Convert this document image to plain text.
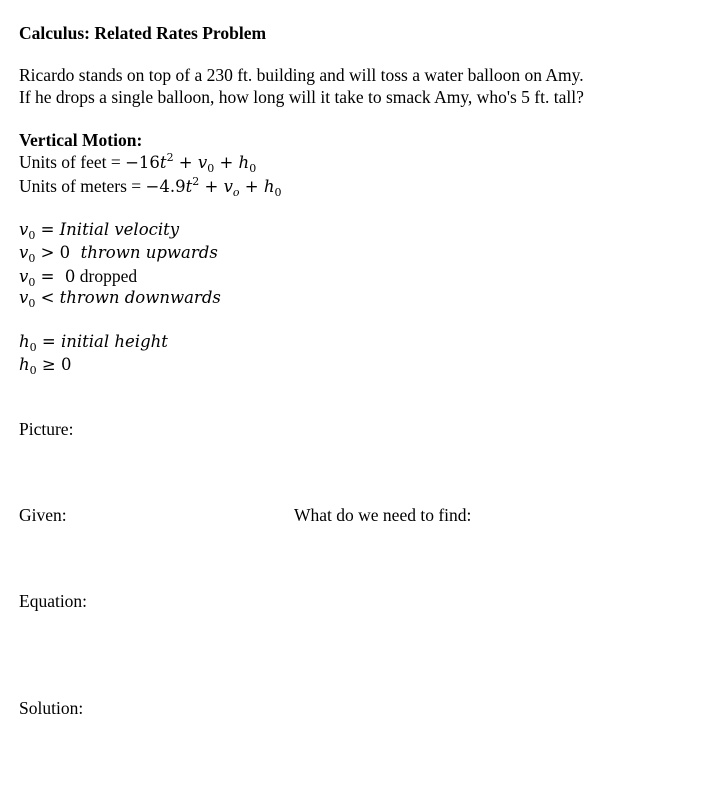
Calculus: Related Rates Problem
Ricardo stands on top of a 230 ft. building and will toss a water balloon on Amy.
If he drops a single balloon, how long will it take to smack Amy, who's 5 ft. tall?
Vertical Motion:
Units of feet = $-16t^2 + v_0 + h_0$
Units of meters = $-4.9t^2 + v_o + h_0$
$v_0$ = Initial velocity
$v_0 > 0$  thrown upwards
$v_0 = 0$ dropped
$v_0$ < thrown downwards
$h_0$ = initial height
$h_0 \ge 0$
Picture:
Given:	What do we need to find:
Equation:
Solution:
